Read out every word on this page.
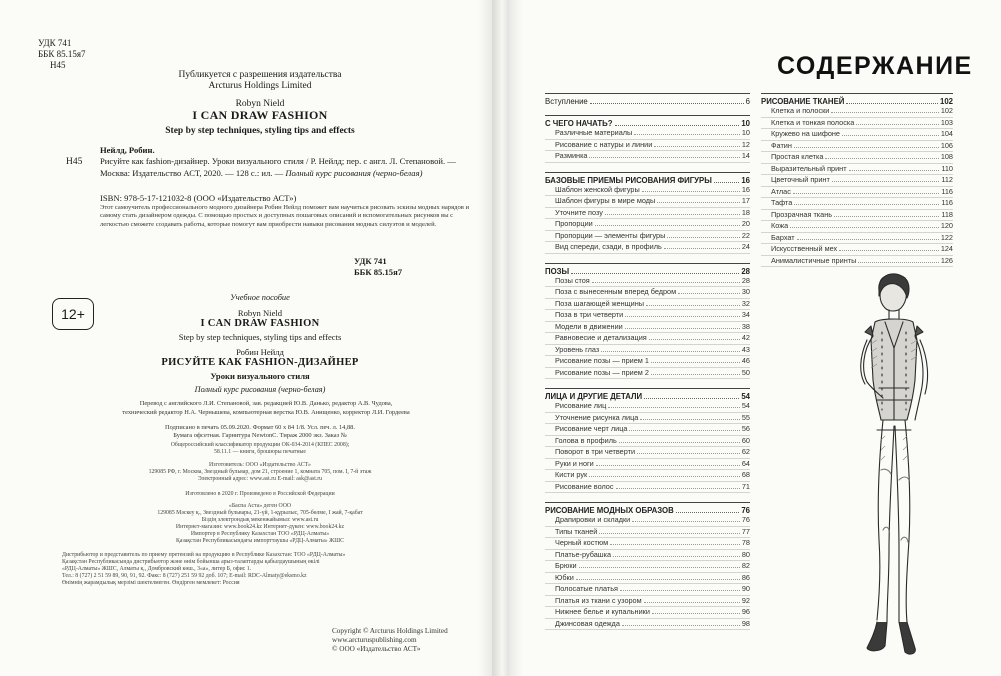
УДК 741
ББК 85.15я7
Н45
Публикуется с разрешения издательства
Arcturus Holdings Limited
Robyn Nield
I CAN DRAW FASHION
Step by step techniques, styling tips and effects
Н45
Нейлд, Робин.
Рисуйте как fashion-дизайнер. Уроки визуального стиля / Р. Нейлд; пер. с англ. Л. Степановой. — Москва: Издательство АСТ, 2020. — 128 с.: ил. — Полный курс рисования (черно-белая)
ISBN: 978-5-17-121032-8 (ООО «Издательство АСТ»)
Этот самоучитель профессионального модного дизайнера Робин Нейлд поможет вам научиться рисовать эскизы модных нарядов и самому стать дизайнером одежды. С помощью простых и доступных пошаговых описаний и вспомогательных рисунков вы с легкостью сможете создавать работы, которые помогут вам приобрести навыки рисования модных силуэтов и моделей.
УДК 741
ББК 85.15я7
Учебное пособие
12+	Robyn Nield
I CAN DRAW FASHION
Step by step techniques, styling tips and effects
Робин Нейлд
РИСУЙТЕ КАК FASHION-ДИЗАЙНЕР
Уроки визуального стиля
Полный курс рисования (черно-белая)
Перевод с английского Л.И. Степановой, зав. редакцией Ю.В. Данько, редактор А.В. Чудова,
технический редактор Н.А. Чернышева, компьютерная верстка Ю.В. Анищенко, корректор Л.И. Гордеева
Подписано в печать 05.09.2020. Формат 60 x 84 1/8. Усл. печ. л. 14,88.
Бумага офсетная. Гарнитура NewtonC. Тираж 2000 экз. Заказ №
Общероссийский классификатор продукции ОК-034-2014 (КПЕС 2008);
58.11.1 — книги, брошюры печатные
Изготовитель: ООО «Издательство АСТ»
129085 РФ, г. Москва, Звездный бульвар, дом 21, строение 1, комната 705, пом. I, 7-й этаж
Электронный адрес: www.ast.ru E-mail: ask@ast.ru
Изготовлено в 2020 г. Произведено в Российской Федерации
«Баспа Аста» деген ООО
129085 Мәскеу қ., Звездный бульвары, 21-үй, 1-құрылыс, 705-бөлме, I жай, 7-қабат
Біздің электрондық мекенжайымыз: www.ast.ru
Интернет-магазин: www.book24.kz Интернет-дүкен: www.book24.kz
Импортер в Республику Казахстан ТОО «РДЦ-Алматы»
Қазақстан Республикасындағы импорттаушы «РДЦ-Алматы» ЖШС
Дистрибьютор и представитель по приему претензий на продукцию в Республике Казахстан: ТОО «РДЦ-Алматы»
Қазақстан Республикасында дистрибьютор және өнім бойынша арыз-талаптарды қабылдаушының өкілі
«РДЦ-Алматы» ЖШС, Алматы қ., Домбровский көш., 3«а», литер Б, офис 1.
Тел.: 8 (727) 2 51 59 89, 90, 91, 92. Факс: 8 (727) 251 59 92 доб. 107; E-mail: RDC-Almaty@eksmo.kz
Өнімнің жарамдылық мерзімі шектелмеген. Өндірген мемлекет: Россия
Copyright © Arcturus Holdings Limited
www.arcturuspublishing.com
© ООО «Издательство АСТ»
СОДЕРЖАНИЕ
Вступление	6
С ЧЕГО НАЧАТЬ?	10
Различные материалы	10
Рисование с натуры и линии	12
Разминка	14
БАЗОВЫЕ ПРИЕМЫ РИСОВАНИЯ ФИГУРЫ	16
Шаблон женской фигуры	16
Шаблон фигуры в мире моды	17
Уточните позу	18
Пропорции	20
Пропорции — элементы фигуры	22
Вид спереди, сзади, в профиль	24
ПОЗЫ	28
Позы стоя	28
Поза с вынесенным вперед бедром	30
Поза шагающей женщины	32
Поза в три четверти	34
Модели в движении	38
Равновесие и детализация	42
Уровень глаз	43
Рисование позы — прием 1	46
Рисование позы — прием 2	50
ЛИЦА И ДРУГИЕ ДЕТАЛИ	54
Рисование лиц	54
Уточнение рисунка лица	55
Рисование черт лица	56
Голова в профиль	60
Поворот в три четверти	62
Руки и ноги	64
Кисти рук	68
Рисование волос	71
РИСОВАНИЕ МОДНЫХ ОБРАЗОВ	76
Драпировки и складки	76
Типы тканей	77
Черный костюм	78
Платье-рубашка	80
Брюки	82
Юбки	86
Полосатые платья	90
Платья из ткани с узором	92
Нижнее белье и купальники	96
Джинсовая одежда	98
РИСОВАНИЕ ТКАНЕЙ	102
Клетка и полоски	102
Клетка и тонкая полоска	103
Кружево на шифоне	104
Фатин	106
Простая клетка	108
Выразительный принт	110
Цветочный принт	112
Атлас	116
Тафта	116
Прозрачная ткань	118
Кожа	120
Бархат	122
Искусственный мех	124
Анималистичные принты	126
